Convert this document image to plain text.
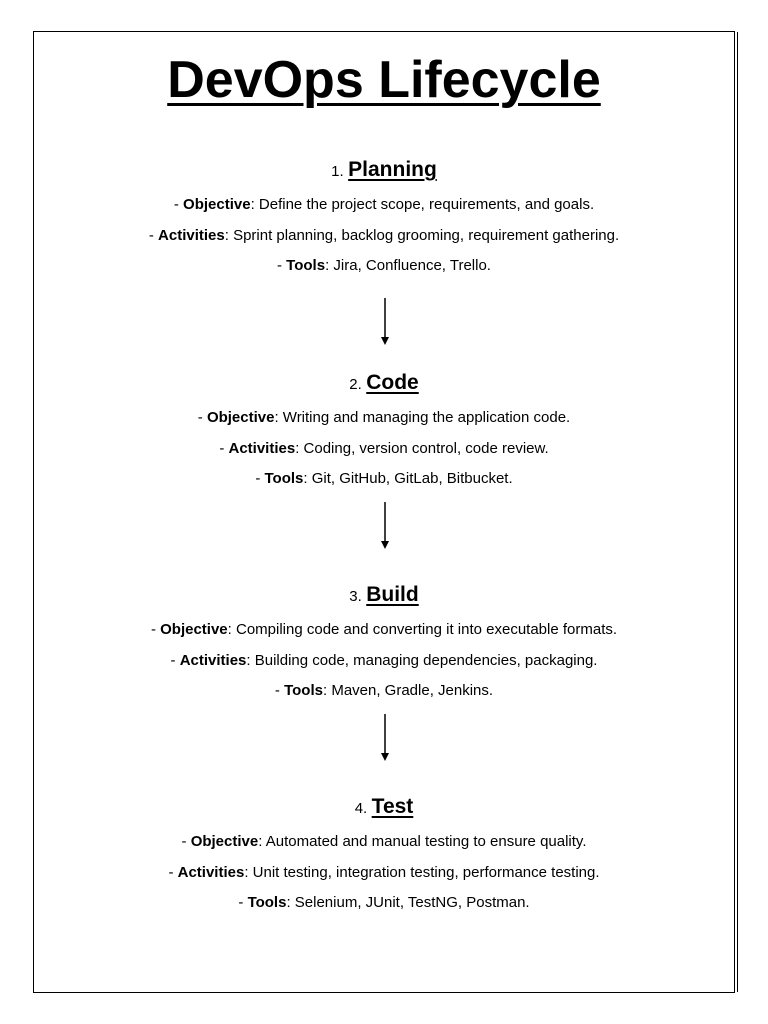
DevOps Lifecycle
1. Planning
- Objective: Define the project scope, requirements, and goals.
- Activities: Sprint planning, backlog grooming, requirement gathering.
- Tools: Jira, Confluence, Trello.
2. Code
- Objective: Writing and managing the application code.
- Activities: Coding, version control, code review.
- Tools: Git, GitHub, GitLab, Bitbucket.
3. Build
- Objective: Compiling code and converting it into executable formats.
- Activities: Building code, managing dependencies, packaging.
- Tools: Maven, Gradle, Jenkins.
4. Test
- Objective: Automated and manual testing to ensure quality.
- Activities: Unit testing, integration testing, performance testing.
- Tools: Selenium, JUnit, TestNG, Postman.
